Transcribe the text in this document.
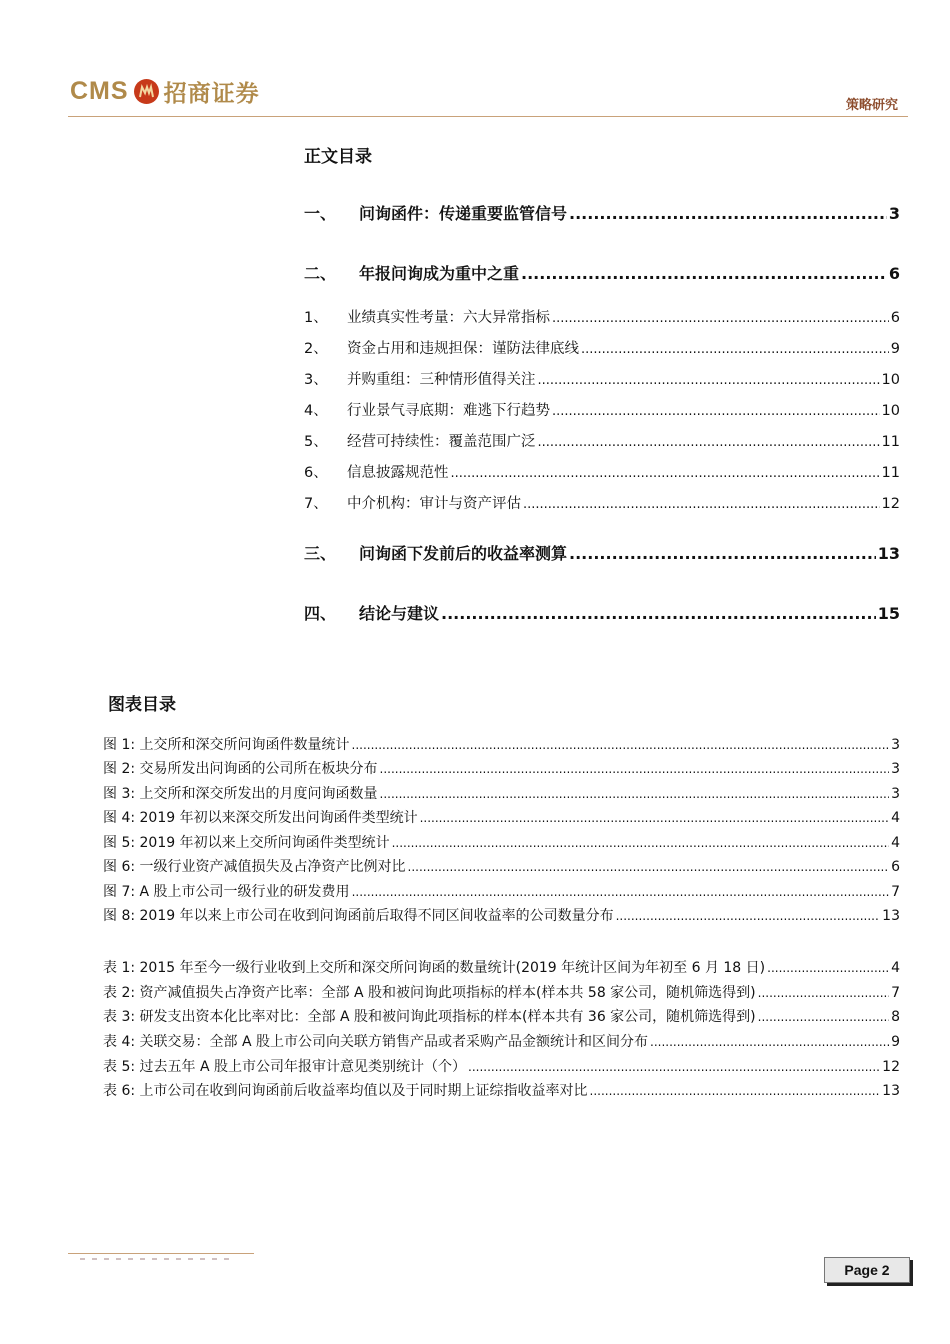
CMS 招商证券	策略研究
正文目录
一、 问询函件：传递重要监管信号 .....	3
二、 年报问询成为重中之重 .....	6
1、 业绩真实性考量：六大异常指标 .....	6
2、 资金占用和违规担保：谨防法律底线 .....	9
3、 并购重组：三种情形值得关注 .....	10
4、 行业景气寻底期：难逃下行趋势 .....	10
5、 经营可持续性：覆盖范围广泛 .....	11
6、 信息披露规范性 .....	11
7、 中介机构：审计与资产评估 .....	12
三、 问询函下发前后的收益率测算 .....	13
四、 结论与建议 .....	15
图表目录
图 1: 上交所和深交所问询函件数量统计 .....	3
图 2: 交易所发出问询函的公司所在板块分布 .....	3
图 3: 上交所和深交所发出的月度问询函数量 .....	3
图 4: 2019 年初以来深交所发出问询函件类型统计 .....	4
图 5: 2019 年初以来上交所问询函件类型统计 .....	4
图 6: 一级行业资产减值损失及占净资产比例对比 .....	6
图 7: A 股上市公司一级行业的研发费用 .....	7
图 8: 2019 年以来上市公司在收到问询函前后取得不同区间收益率的公司数量分布 .....	13
表 1: 2015 年至今一级行业收到上交所和深交所问询函的数量统计(2019 年统计区间为年初至 6 月 18 日) .....	4
表 2: 资产减值损失占净资产比率：全部 A 股和被问询此项指标的样本(样本共 58 家公司，随机筛选得到) .....	7
表 3: 研发支出资本化比率对比：全部 A 股和被问询此项指标的样本(样本共有 36 家公司，随机筛选得到) .....	8
表 4: 关联交易：全部 A 股上市公司向关联方销售产品或者采购产品金额统计和区间分布 .....	9
表 5: 过去五年 A 股上市公司年报审计意见类别统计（个） .....	12
表 6: 上市公司在收到问询函前后收益率均值以及于同时期上证综指收益率对比 .....	13
Page 2
